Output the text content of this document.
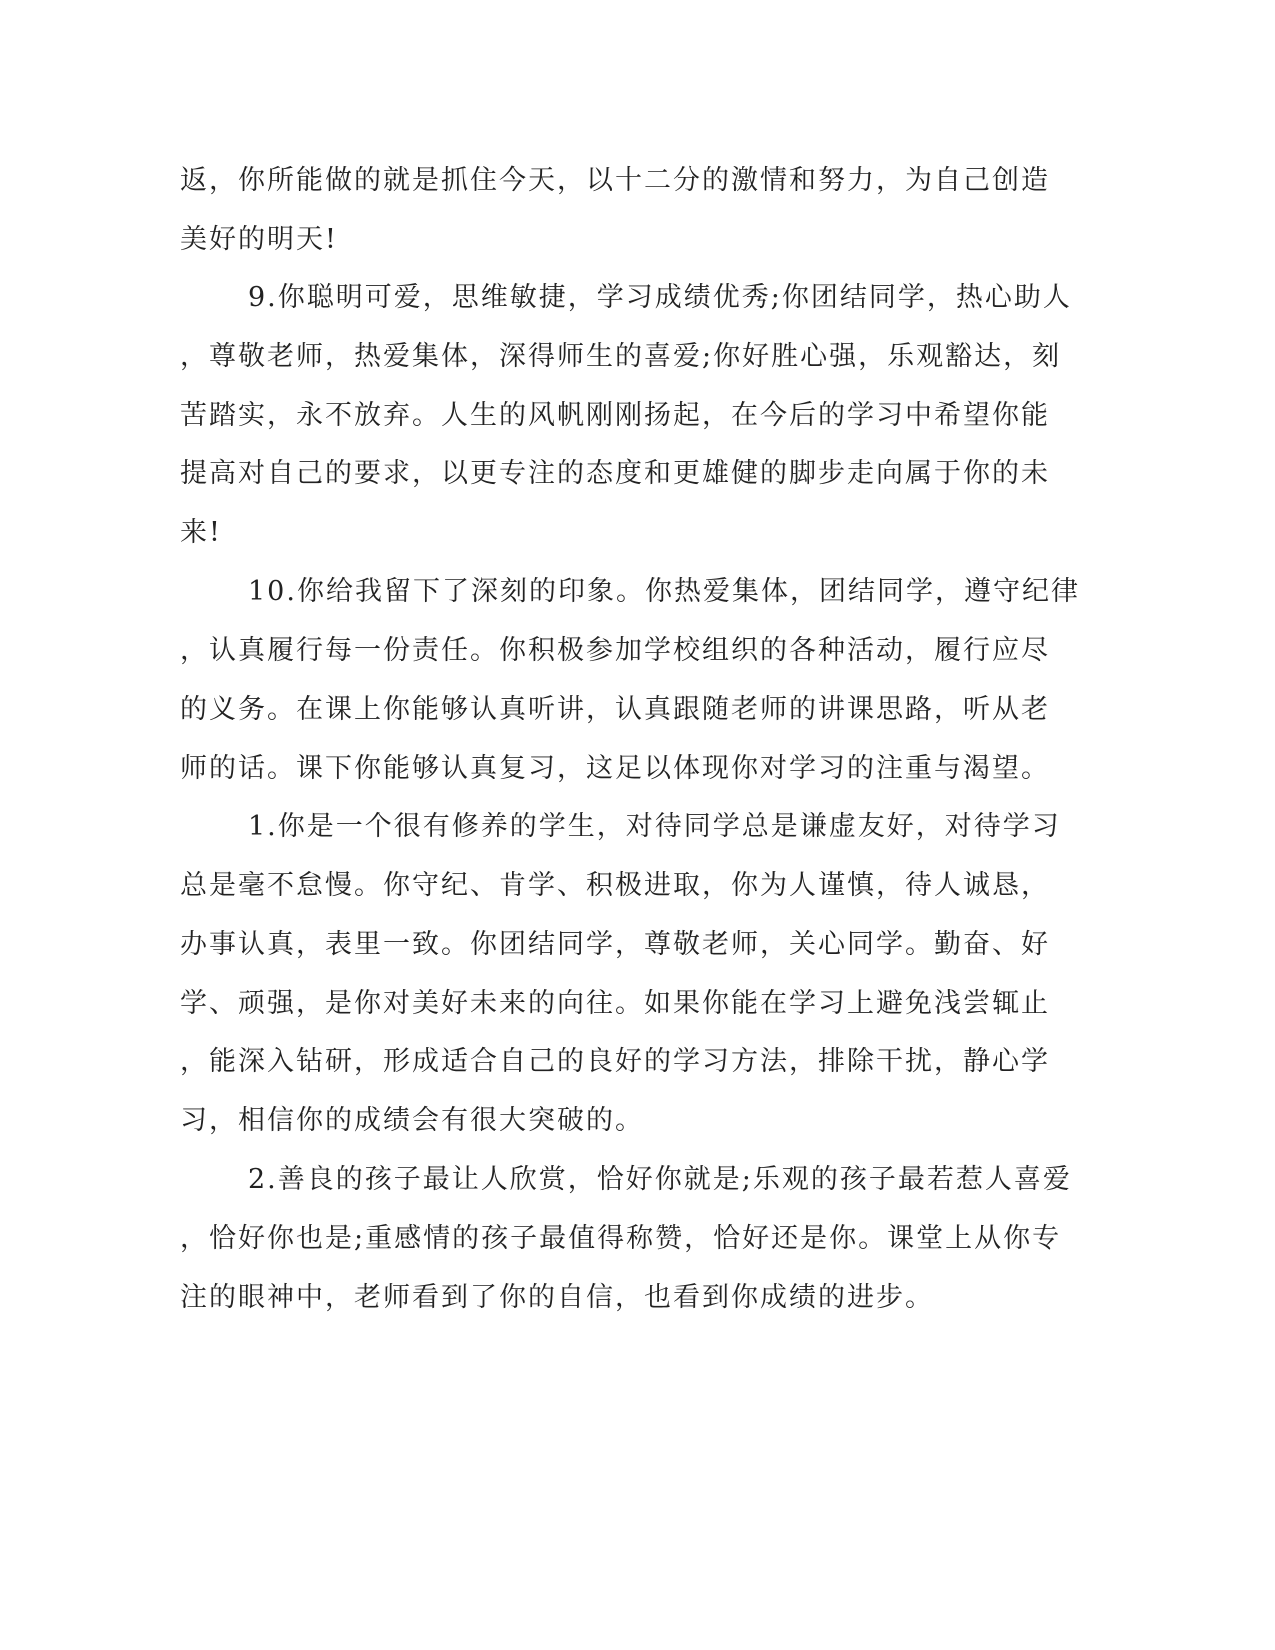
返，你所能做的就是抓住今天，以十二分的激情和努力，为自己创造
美好的明天!
9.你聪明可爱，思维敏捷，学习成绩优秀;你团结同学，热心助人
，尊敬老师，热爱集体，深得师生的喜爱;你好胜心强，乐观豁达，刻
苦踏实，永不放弃。人生的风帆刚刚扬起，在今后的学习中希望你能
提高对自己的要求，以更专注的态度和更雄健的脚步走向属于你的未
来!
10.你给我留下了深刻的印象。你热爱集体，团结同学，遵守纪律
，认真履行每一份责任。你积极参加学校组织的各种活动，履行应尽
的义务。在课上你能够认真听讲，认真跟随老师的讲课思路，听从老
师的话。课下你能够认真复习，这足以体现你对学习的注重与渴望。
1.你是一个很有修养的学生，对待同学总是谦虚友好，对待学习
总是毫不怠慢。你守纪、肯学、积极进取，你为人谨慎，待人诚恳，
办事认真，表里一致。你团结同学，尊敬老师，关心同学。勤奋、好
学、顽强，是你对美好未来的向往。如果你能在学习上避免浅尝辄止
，能深入钻研，形成适合自己的良好的学习方法，排除干扰，静心学
习，相信你的成绩会有很大突破的。
2.善良的孩子最让人欣赏，恰好你就是;乐观的孩子最若惹人喜爱
，恰好你也是;重感情的孩子最值得称赞，恰好还是你。课堂上从你专
注的眼神中，老师看到了你的自信，也看到你成绩的进步。
